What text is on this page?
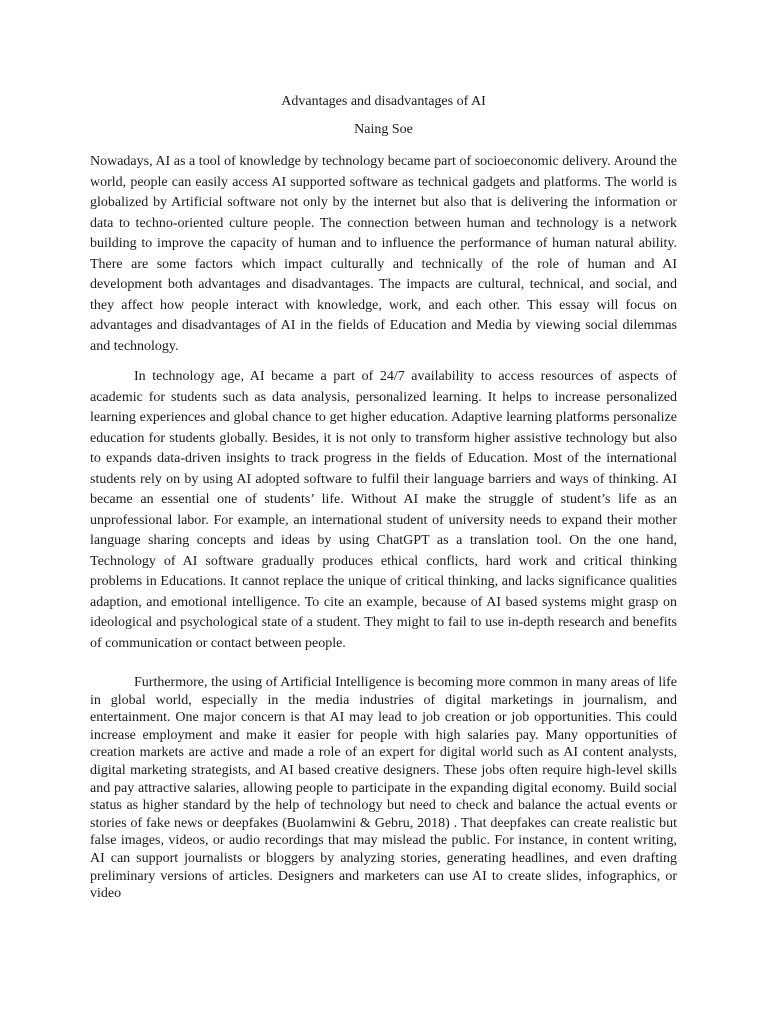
Advantages and disadvantages of AI

Naing Soe

Nowadays, AI as a tool of knowledge by technology became part of socioeconomic delivery. Around the world, people can easily access AI supported software as technical gadgets and platforms. The world is globalized by Artificial software not only by the internet but also that is delivering the information or data to techno-oriented culture people. The connection between human and technology is a network building to improve the capacity of human and to influence the performance of human natural ability. There are some factors which impact culturally and technically of the role of human and AI development both advantages and disadvantages. The impacts are cultural, technical, and social, and they affect how people interact with knowledge, work, and each other. This essay will focus on advantages and disadvantages of AI in the fields of Education and Media by viewing social dilemmas and technology.

In technology age, AI became a part of 24/7 availability to access resources of aspects of academic for students such as data analysis, personalized learning. It helps to increase personalized learning experiences and global chance to get higher education. Adaptive learning platforms personalize education for students globally. Besides, it is not only to transform higher assistive technology but also to expands data-driven insights to track progress in the fields of Education. Most of the international students rely on by using AI adopted software to fulfil their language barriers and ways of thinking. AI became an essential one of students’ life. Without AI make the struggle of student’s life as an unprofessional labor. For example, an international student of university needs to expand their mother language sharing concepts and ideas by using ChatGPT as a translation tool. On the one hand, Technology of AI software gradually produces ethical conflicts, hard work and critical thinking problems in Educations. It cannot replace the unique of critical thinking, and lacks significance qualities adaption, and emotional intelligence. To cite an example, because of AI based systems might grasp on ideological and psychological state of a student. They might to fail to use in-depth research and benefits of communication or contact between people.

Furthermore, the using of Artificial Intelligence is becoming more common in many areas of life in global world, especially in the media industries of digital marketings in journalism, and entertainment. One major concern is that AI may lead to job creation or job opportunities. This could increase employment and make it easier for people with high salaries pay. Many opportunities of creation markets are active and made a role of an expert for digital world such as AI content analysts, digital marketing strategists, and AI based creative designers. These jobs often require high-level skills and pay attractive salaries, allowing people to participate in the expanding digital economy. Build social status as higher standard by the help of technology but need to check and balance the actual events or stories of fake news or deepfakes (Buolamwini & Gebru, 2018) . That deepfakes can create realistic but false images, videos, or audio recordings that may mislead the public. For instance, in content writing, AI can support journalists or bloggers by analyzing stories, generating headlines, and even drafting preliminary versions of articles. Designers and marketers can use AI to create slides, infographics, or video
